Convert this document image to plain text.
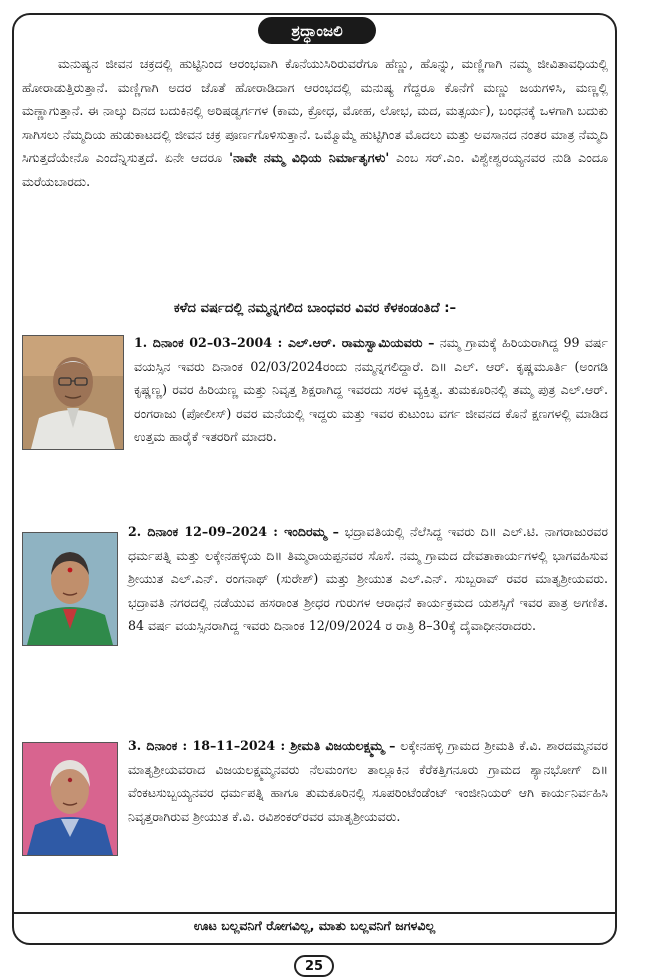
ಶ್ರದ್ಧಾಂಜಲಿ

ಮನುಷ್ಯನ ಜೀವನ ಚಕ್ರದಲ್ಲಿ ಹುಟ್ಟಿನಿಂದ ಆರಂಭವಾಗಿ ಕೊನೆಯುಸಿರಿರುವರೆಗೂ ಹೆಣ್ಣು, ಹೊನ್ನು, ಮಣ್ಣಿಗಾಗಿ ನಮ್ಮ ಜೀವಿತಾವಧಿಯಲ್ಲಿ ಹೋರಾಡುತ್ತಿರುತ್ತಾನೆ. ಮಣ್ಣಿಗಾಗಿ ಅದರ ಜೊತೆ ಹೋರಾಡಿದಾಗ ಆರಂಭದಲ್ಲಿ ಮನುಷ್ಯ ಗೆದ್ದರೂ ಕೊನೆಗೆ ಮಣ್ಣು ಜಯಗಳಿಸಿ, ಮಣ್ಣಲ್ಲಿ ಮಣ್ಣಾಗುತ್ತಾನೆ. ಈ ನಾಲ್ಕು ದಿನದ ಬದುಕಿನಲ್ಲಿ ಅರಿಷಡ್ವರ್ಗಗಳ (ಕಾಮ, ಕ್ರೋಧ, ಮೋಹ, ಲೋಭ, ಮದ, ಮತ್ಸರ್ಯ), ಬಂಧನಕ್ಕೆ ಒಳಗಾಗಿ ಬದುಕು ಸಾಗಿಸಲು ನೆಮ್ಮದಿಯ ಹುಡುಕಾಟದಲ್ಲಿ ಜೀವನ ಚಕ್ರ ಪೂರ್ಣಗೊಳಿಸುತ್ತಾನೆ. ಒಮ್ಮೊಮ್ಮೆ ಹುಟ್ಟಿಗಿಂತ ಮೊದಲು ಮತ್ತು ಅವಸಾನದ ನಂತರ ಮಾತ್ರ ನೆಮ್ಮದಿ ಸಿಗುತ್ತದೆಯೇನೊ ಎಂದೆನ್ನಿಸುತ್ತದೆ. ಏನೇ ಆದರೂ 'ನಾವೇ ನಮ್ಮ ವಿಧಿಯ ನಿರ್ಮಾತೃಗಳು' ಎಂಬ ಸರ್.ಎಂ. ವಿಶ್ವೇಶ್ವರಯ್ಯನವರ ನುಡಿ ಎಂದೂ ಮರೆಯಬಾರದು.

ಕಳೆದ ವರ್ಷದಲ್ಲಿ ನಮ್ಮನ್ನಗಲಿದ ಬಾಂಧವರ ವಿವರ ಕೆಳಕಂಡಂತಿದೆ :–

1. ದಿನಾಂಕ 02–03–2004 : ಎಲ್.ಆರ್. ರಾಮಸ್ವಾಮಿಯವರು – ನಮ್ಮ ಗ್ರಾಮಕ್ಕೆ ಹಿರಿಯರಾಗಿದ್ದ 99 ವರ್ಷ ವಯಸ್ಸಿನ ಇವರು ದಿನಾಂಕ 02/03/2024ರಂದು ನಮ್ಮನ್ನಗಲಿದ್ದಾರೆ. ದಿ॥ ಎಲ್. ಆರ್. ಕೃಷ್ಣಮೂರ್ತಿ (ಅಂಗಡಿ ಕೃಷ್ಣಣ್ಣ) ರವರ ಹಿರಿಯಣ್ಣ ಮತ್ತು ನಿವೃತ್ತ ಶಿಕ್ಷರಾಗಿದ್ದ ಇವರದು ಸರಳ ವ್ಯಕ್ತಿತ್ವ. ತುಮಕೂರಿನಲ್ಲಿ ತಮ್ಮ ಪುತ್ರ ಎಲ್.ಆರ್. ರಂಗರಾಜು (ಪೋಲೀಸ್) ರವರ ಮನೆಯಲ್ಲಿ ಇದ್ದರು ಮತ್ತು ಇವರ ಕುಟುಂಬ ವರ್ಗ ಜೀವನದ ಕೊನೆ ಕ್ಷಣಗಳಲ್ಲಿ ಮಾಡಿದ ಉತ್ತಮ ಹಾರೈಕೆ ಇತರರಿಗೆ ಮಾದರಿ.

2. ದಿನಾಂಕ 12–09–2024 : ಇಂದಿರಮ್ಮ – ಭದ್ರಾವತಿಯಲ್ಲಿ ನೆಲೆಸಿದ್ದ ಇವರು ದಿ॥ ಎಲ್.ಟಿ. ನಾಗರಾಜುರವರ ಧರ್ಮಪತ್ನಿ ಮತ್ತು ಲಕ್ಕೇನಹಳ್ಳಿಯ ದಿ॥ ತಿಮ್ಮರಾಯಪ್ಪನವರ ಸೊಸೆ. ನಮ್ಮ ಗ್ರಾಮದ ದೇವತಾಕಾರ್ಯಗಳಲ್ಲಿ ಭಾಗವಹಿಸುವ ಶ್ರೀಯುತ ಎಲ್.ಎನ್. ರಂಗನಾಥ್ (ಸುರೇಶ್) ಮತ್ತು ಶ್ರೀಯುತ ಎಲ್.ಎನ್. ಸುಬ್ಬರಾವ್ ರವರ ಮಾತೃಶ್ರೀಯವರು. ಭದ್ರಾವತಿ ನಗರದಲ್ಲಿ ನಡೆಯುವ ಹಸರಾಂತ ಶ್ರೀಧರ ಗುರುಗಳ ಆರಾಧನೆ ಕಾರ್ಯಕ್ರಮದ ಯಶಸ್ಸಿಗೆ ಇವರ ಪಾತ್ರ ಅಗಣಿತ. 84 ವರ್ಷ ವಯಸ್ಸಿನರಾಗಿದ್ದ ಇವರು ದಿನಾಂಕ 12/09/2024 ರ ರಾತ್ರಿ 8–30ಕ್ಕೆ ದೈವಾಧೀನರಾದರು.

3. ದಿನಾಂಕ : 18–11–2024 : ಶ್ರೀಮತಿ ವಿಜಯಲಕ್ಷ್ಮಮ್ಮ – ಲಕ್ಕೇನಹಳ್ಳಿ ಗ್ರಾಮದ ಶ್ರೀಮತಿ ಕೆ.ವಿ. ಶಾರದಮ್ಮನವರ ಮಾತೃಶ್ರೀಯವರಾದ ವಿಜಯಲಕ್ಷ್ಮಮ್ಮನವರು ನೆಲಮಂಗಲ ತಾಲ್ಲೂಕಿನ ಕೆರೆಕತ್ತಿಗನೂರು ಗ್ರಾಮದ ಶ್ಯಾನಭೋಗ್ ದಿ॥ ವೆಂಕಟಸುಬ್ಬಯ್ಯನವರ ಧರ್ಮಪತ್ನಿ ಹಾಗೂ ತುಮಕೂರಿನಲ್ಲಿ ಸೂಪರಿಂಟೆಂಡೆಂಟ್ ಇಂಜೀನಿಯರ್ ಆಗಿ ಕಾರ್ಯನಿರ್ವಹಿಸಿ ನಿವೃತ್ತರಾಗಿರುವ ಶ್ರೀಯುತ ಕೆ.ವಿ. ರವಿಶಂಕರ್‌ರವರ ಮಾತೃಶ್ರೀಯವರು.

ಊಟ ಬಲ್ಲವನಿಗೆ ರೋಗವಿಲ್ಲ, ಮಾತು ಬಲ್ಲವನಿಗೆ ಜಗಳವಿಲ್ಲ
25
